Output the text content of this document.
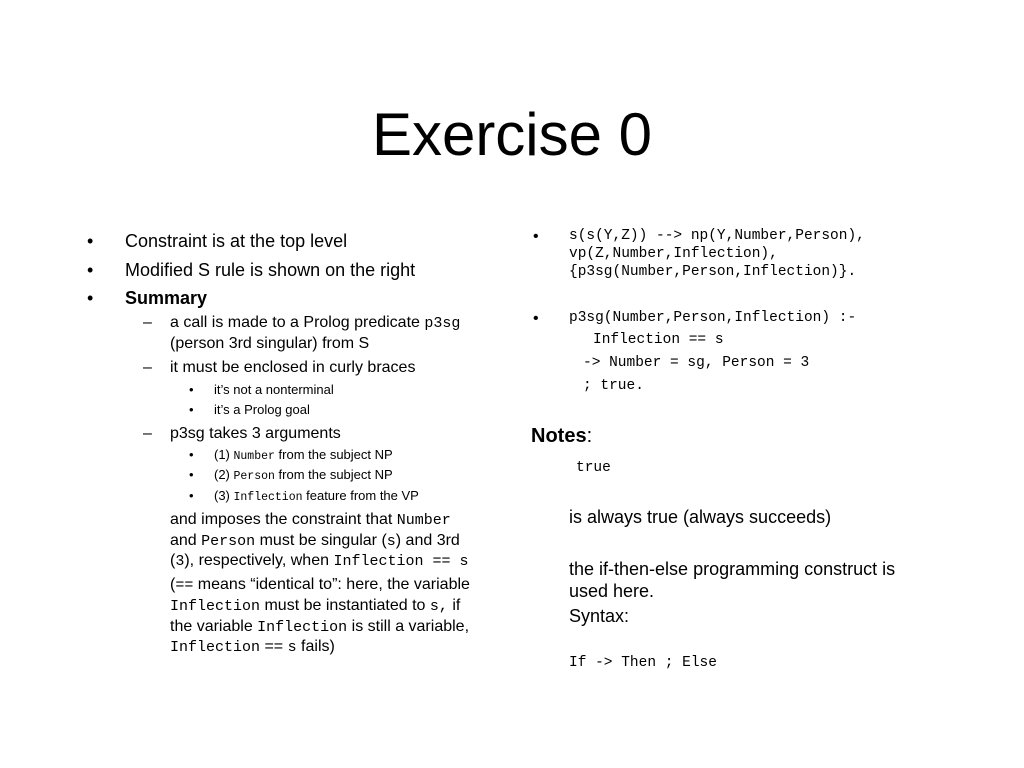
Exercise 0
• Constraint is at the top level
• Modified S rule is shown on the right
• Summary
– a call is made to a Prolog predicate p3sg
(person 3rd singular) from S
– it must be enclosed in curly braces
• it’s not a nonterminal
• it’s a Prolog goal
– p3sg takes 3 arguments
• (1) Number from the subject NP
• (2) Person from the subject NP
• (3) Inflection feature from the VP
and imposes the constraint that Number
and Person must be singular (s) and 3rd
(3), respectively, when Inflection == s
(== means “identical to”: here, the variable
Inflection must be instantiated to s, if
the variable Inflection is still a variable,
Inflection == s fails)
• s(s(Y,Z)) --> np(Y,Number,Person),
vp(Z,Number,Inflection),
{p3sg(Number,Person,Inflection)}.
• p3sg(Number,Person,Inflection) :-
Inflection == s
-> Number = sg, Person = 3
; true.
Notes:
true
is always true (always succeeds)
the if-then-else programming construct is
used here.
Syntax:
If -> Then ; Else
